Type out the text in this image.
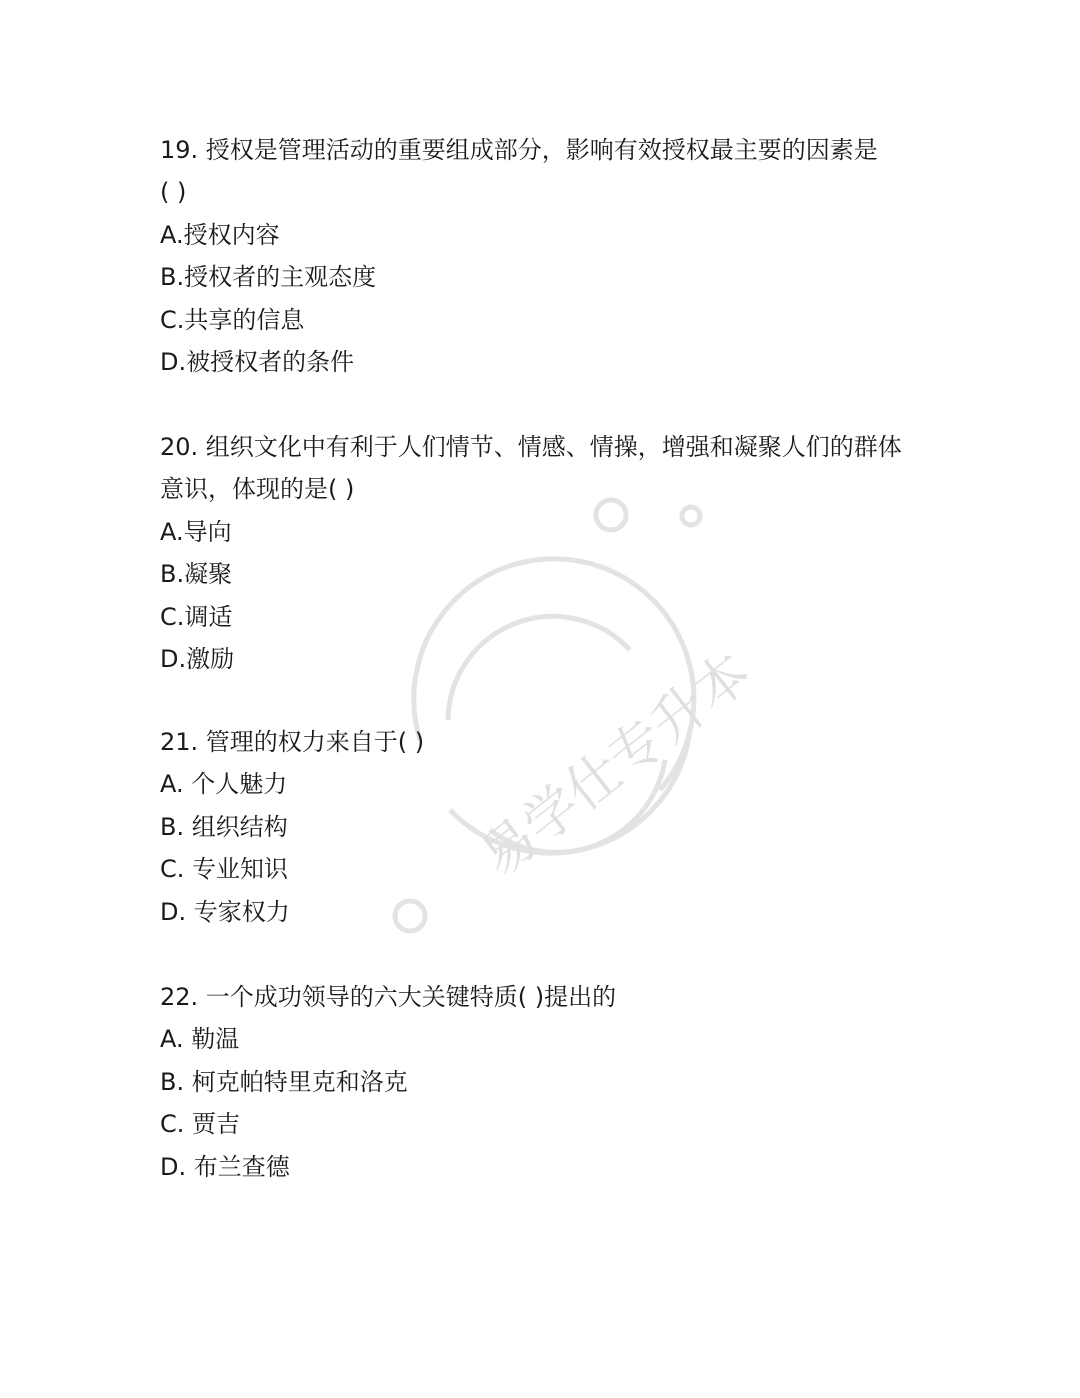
易学仕专升本
19. 授权是管理活动的重要组成部分，影响有效授权最主要的因素是
( )
A.授权内容
B.授权者的主观态度
C.共享的信息
D.被授权者的条件
20. 组织文化中有利于人们情节、情感、情操，增强和凝聚人们的群体
意识，体现的是( )
A.导向
B.凝聚
C.调适
D.激励
21. 管理的权力来自于( )
A. 个人魅力
B. 组织结构
C. 专业知识
D. 专家权力
22. 一个成功领导的六大关键特质( )提出的
A. 勒温
B. 柯克帕特里克和洛克
C. 贾吉
D. 布兰查德
